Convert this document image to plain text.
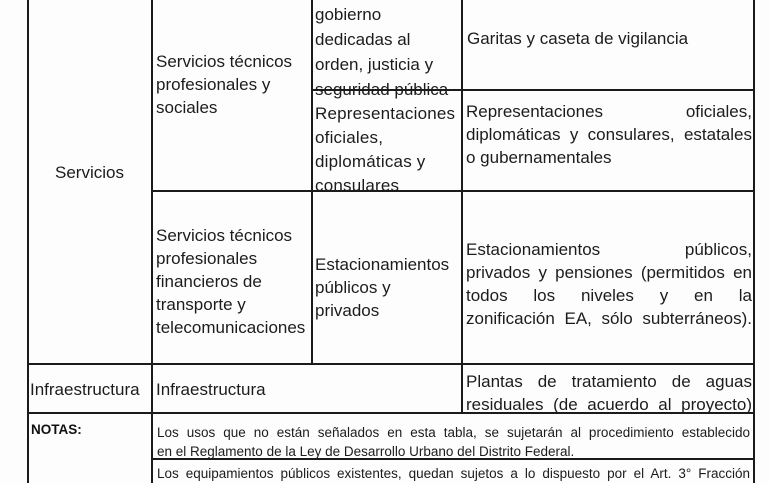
Servicios
Infraestructura
NOTAS:
Servicios técnicos
profesionales y
sociales
gobierno
dedicadas al
orden, justicia y
seguridad pública
Garitas y caseta de vigilancia
Representaciones
oficiales,
diplomáticas y
consulares
Representaciones oficiales,
diplomáticas y consulares, estatales
o gubernamentales
Servicios técnicos
profesionales
financieros de
transporte y
telecomunicaciones
Estacionamientos
públicos y
privados
Estacionamientos públicos,
privados y pensiones (permitidos en
todos los niveles y en la
zonificación EA, sólo subterráneos).
Infraestructura	Plantas de tratamiento de aguas
residuales (de acuerdo al proyecto)
Los usos que no están señalados en esta tabla, se sujetarán al procedimiento establecido
en el Reglamento de la Ley de Desarrollo Urbano del Distrito Federal.
Los equipamientos públicos existentes, quedan sujetos a lo dispuesto por el Art. 3° Fracción
